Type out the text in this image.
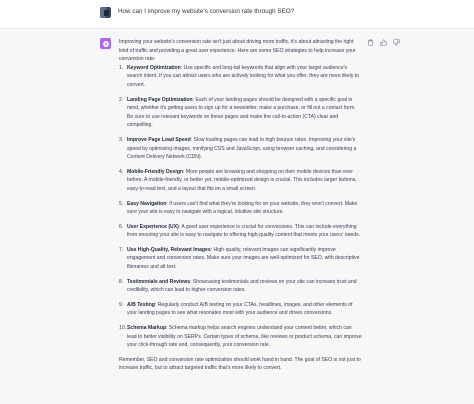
How can I improve my website's conversion rate through SEO?

Improving your website's conversion rate isn't just about driving more traffic, it's about attracting the right kind of traffic and providing a great user experience. Here are some SEO strategies to help increase your conversion rate:

1. Keyword Optimization: Use specific and long-tail keywords that align with your target audience's search intent. If you can attract users who are actively looking for what you offer, they are more likely to convert.
2. Landing Page Optimization: Each of your landing pages should be designed with a specific goal in mind, whether it's getting users to sign up for a newsletter, make a purchase, or fill out a contact form. Be sure to use relevant keywords on these pages and make the call-to-action (CTA) clear and compelling.
3. Improve Page Load Speed: Slow loading pages can lead to high bounce rates. Improving your site's speed by optimizing images, minifying CSS and JavaScript, using browser caching, and considering a Content Delivery Network (CDN).
4. Mobile-Friendly Design: More people are browsing and shopping on their mobile devices than ever before. A mobile-friendly, or better yet, mobile-optimized design is crucial. This includes larger buttons, easy-to-read text, and a layout that fits on a small screen.
5. Easy Navigation: If users can't find what they're looking for on your website, they won't convert. Make sure your site is easy to navigate with a logical, intuitive site structure.
6. User Experience (UX): A good user experience is crucial for conversions. This can include everything from ensuring your site is easy to navigate to offering high-quality content that meets your users' needs.
7. Use High-Quality, Relevant Images: High-quality, relevant images can significantly improve engagement and conversion rates. Make sure your images are well-optimized for SEO, with descriptive filenames and alt text.
8. Testimonials and Reviews: Showcasing testimonials and reviews on your site can increase trust and credibility, which can lead to higher conversion rates.
9. A/B Testing: Regularly conduct A/B testing on your CTAs, headlines, images, and other elements of your landing pages to see what resonates most with your audience and drives conversions.
10. Schema Markup: Schema markup helps search engines understand your content better, which can lead to better visibility on SERPs. Certain types of schema, like reviews or product schema, can improve your click-through rate and, consequently, your conversion rate.

Remember, SEO and conversion rate optimization should work hand in hand. The goal of SEO is not just to increase traffic, but to attract targeted traffic that's more likely to convert.
